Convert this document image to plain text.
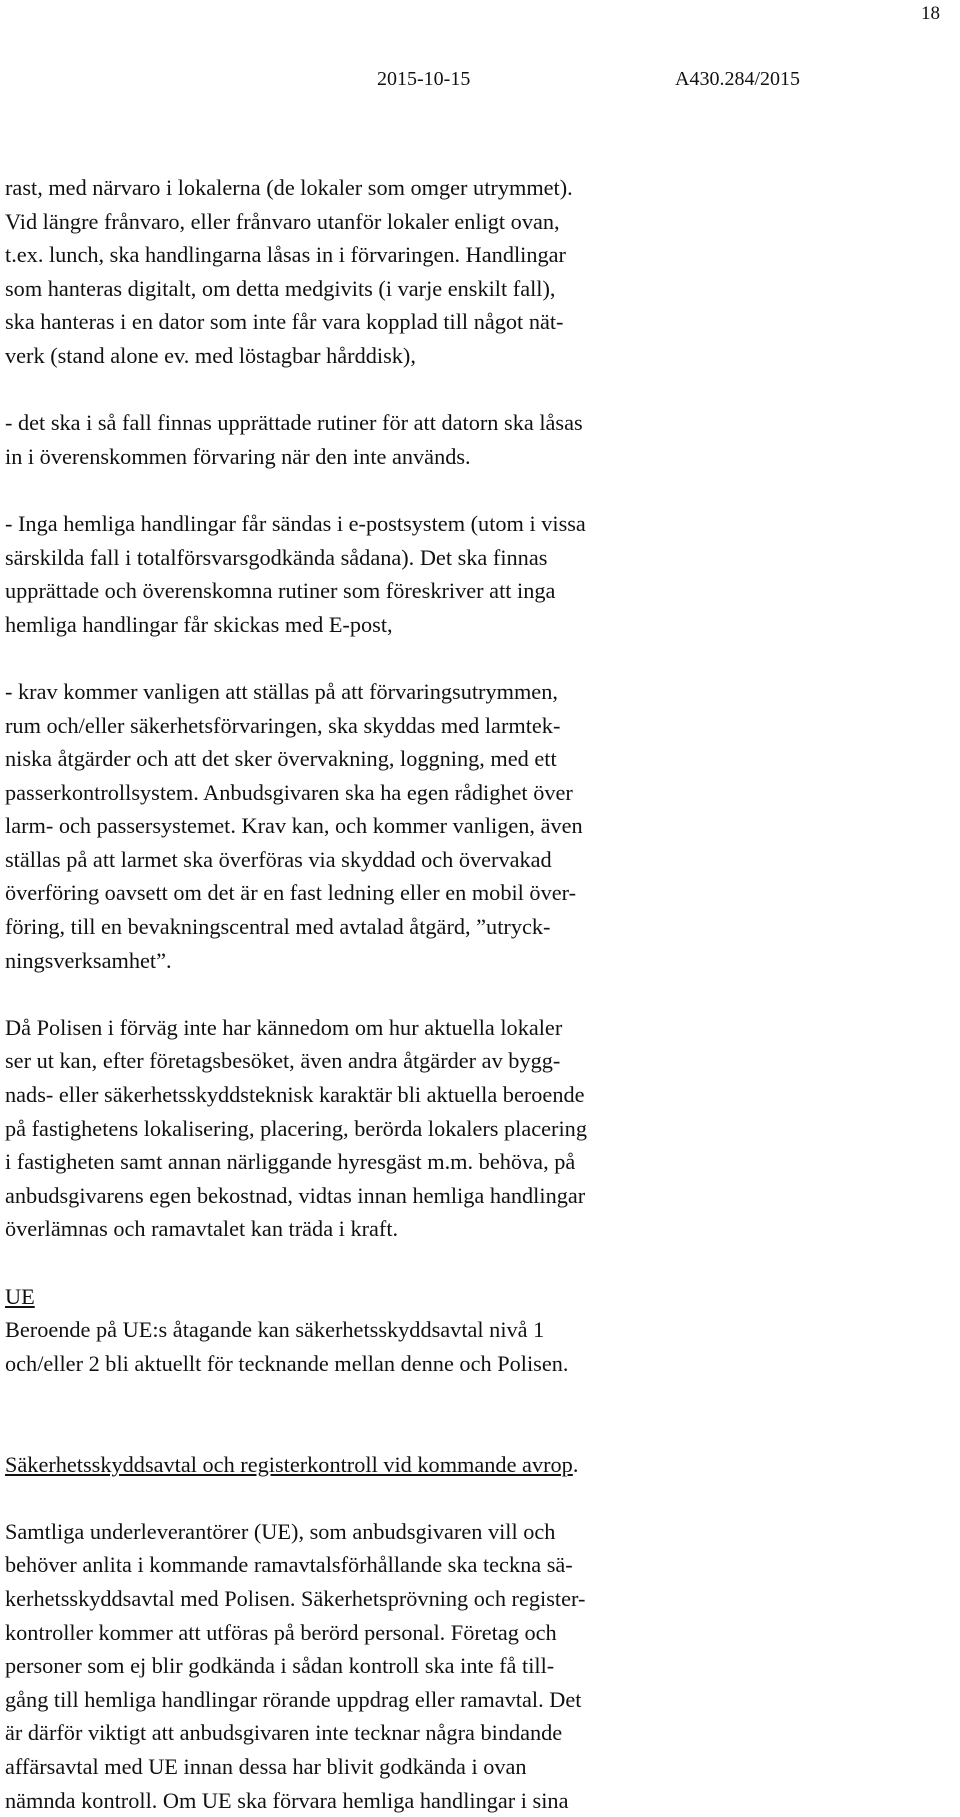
18
2015-10-15	A430.284/2015
rast, med närvaro i lokalerna (de lokaler som omger utrymmet).
Vid längre frånvaro, eller frånvaro utanför lokaler enligt ovan,
t.ex. lunch, ska handlingarna låsas in i förvaringen. Handlingar
som hanteras digitalt, om detta medgivits (i varje enskilt fall),
ska hanteras i en dator som inte får vara kopplad till något nät-
verk (stand alone ev. med löstagbar hårddisk),
- det ska i så fall finnas upprättade rutiner för att datorn ska låsas
in i överenskommen förvaring när den inte används.
- Inga hemliga handlingar får sändas i e-postsystem (utom i vissa
särskilda fall i totalförsvarsgodkända sådana). Det ska finnas
upprättade och överenskomna rutiner som föreskriver att inga
hemliga handlingar får skickas med E-post,
- krav kommer vanligen att ställas på att förvaringsutrymmen,
rum och/eller säkerhetsförvaringen, ska skyddas med larmtek-
niska åtgärder och att det sker övervakning, loggning, med ett
passerkontrollsystem. Anbudsgivaren ska ha egen rådighet över
larm- och passersystemet. Krav kan, och kommer vanligen, även
ställas på att larmet ska överföras via skyddad och övervakad
överföring oavsett om det är en fast ledning eller en mobil över-
föring, till en bevakningscentral med avtalad åtgärd, ”utryck-
ningsverksamhet”.
Då Polisen i förväg inte har kännedom om hur aktuella lokaler
ser ut kan, efter företagsbesöket, även andra åtgärder av bygg-
nads- eller säkerhetsskyddsteknisk karaktär bli aktuella beroende
på fastighetens lokalisering, placering, berörda lokalers placering
i fastigheten samt annan närliggande hyresgäst m.m. behöva, på
anbudsgivarens egen bekostnad, vidtas innan hemliga handlingar
överlämnas och ramavtalet kan träda i kraft.
UE
Beroende på UE:s åtagande kan säkerhetsskyddsavtal nivå 1
och/eller 2 bli aktuellt för tecknande mellan denne och Polisen.
Säkerhetsskyddsavtal och registerkontroll vid kommande avrop.
Samtliga underleverantörer (UE), som anbudsgivaren vill och
behöver anlita i kommande ramavtalsförhållande ska teckna sä-
kerhetsskyddsavtal med Polisen. Säkerhetsprövning och register-
kontroller kommer att utföras på berörd personal. Företag och
personer som ej blir godkända i sådan kontroll ska inte få till-
gång till hemliga handlingar rörande uppdrag eller ramavtal. Det
är därför viktigt att anbudsgivaren inte tecknar några bindande
affärsavtal med UE innan dessa har blivit godkända i ovan
nämnda kontroll. Om UE ska förvara hemliga handlingar i sina
